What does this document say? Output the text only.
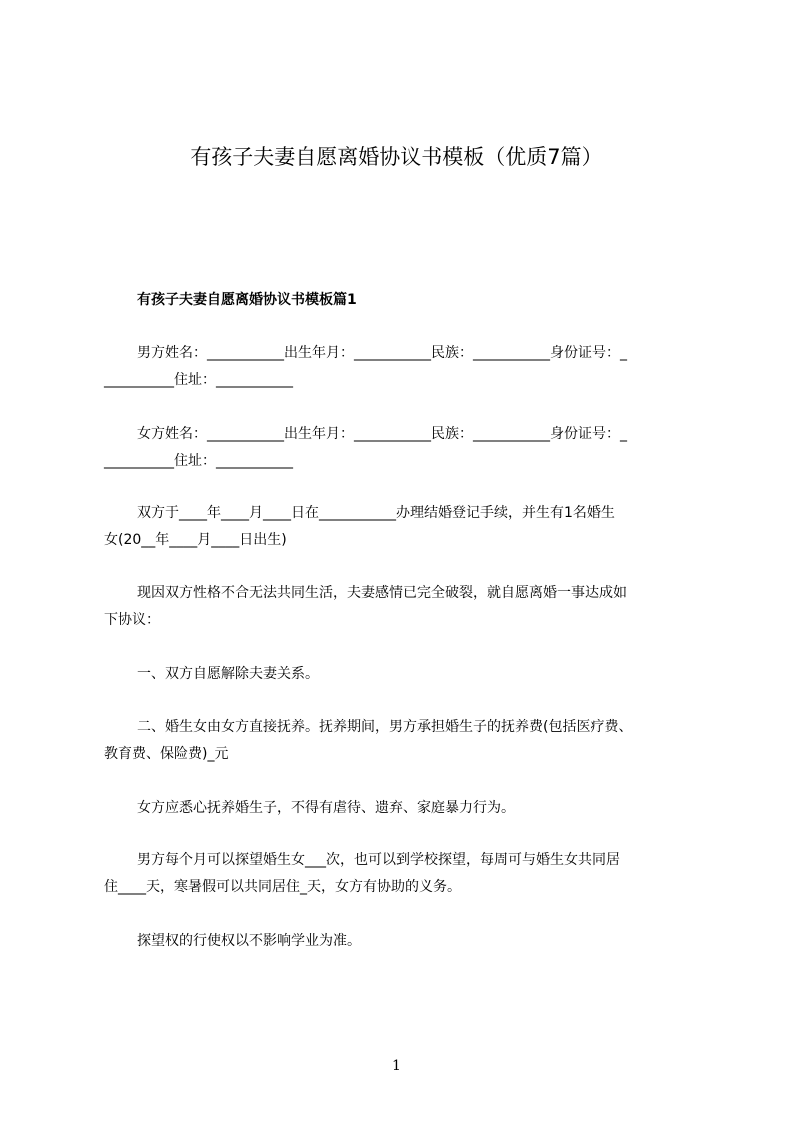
有孩子夫妻自愿离婚协议书模板（优质7篇）
有孩子夫妻自愿离婚协议书模板篇1
男方姓名：___________出生年月：___________民族：___________身份证号：_
__________住址：___________
女方姓名：___________出生年月：___________民族：___________身份证号：_
__________住址：___________
双方于____年____月____日在___________办理结婚登记手续，并生有1名婚生
女(20__年____月____日出生)
现因双方性格不合无法共同生活，夫妻感情已完全破裂，就自愿离婚一事达成如
下协议：
一、双方自愿解除夫妻关系。
二、婚生女由女方直接抚养。抚养期间，男方承担婚生子的抚养费(包括医疗费、
教育费、保险费)_元
女方应悉心抚养婚生子，不得有虐待、遗弃、家庭暴力行为。
男方每个月可以探望婚生女___次，也可以到学校探望，每周可与婚生女共同居
住____天，寒暑假可以共同居住_天，女方有协助的义务。
探望权的行使权以不影响学业为准。
1
